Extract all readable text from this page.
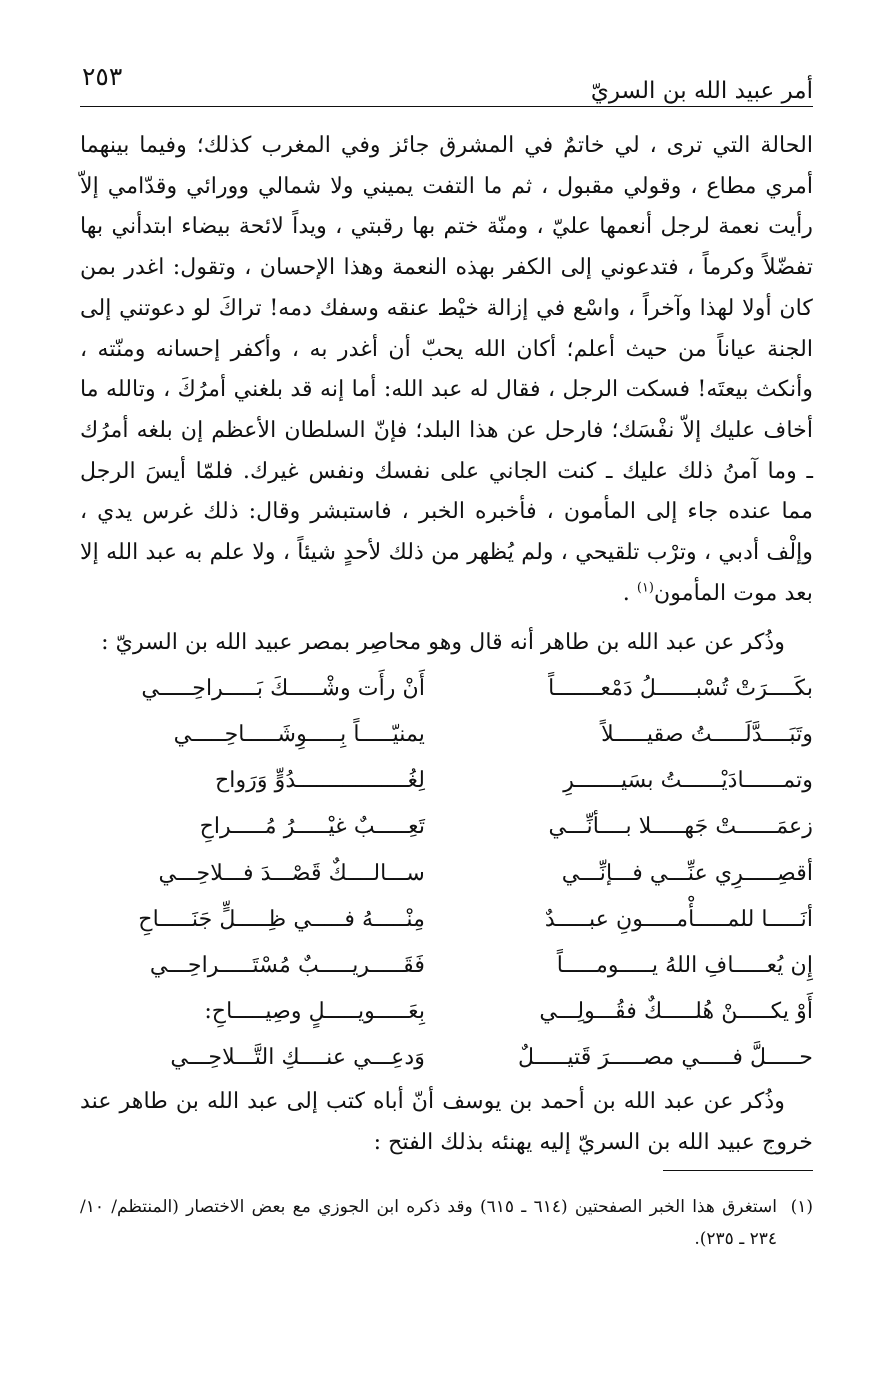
أمر عبيد الله بن السريّ
٢٥٣

الحالة التي ترى ، لي خاتمٌ في المشرق جائز وفي المغرب كذلك؛ وفيما بينهما أمري مطاع ، وقولي مقبول ، ثم ما التفت يميني ولا شمالي وورائي وقدّامي إلاّ رأيت نعمة لرجل أنعمها عليّ ، ومنّة ختم بها رقبتي ، ويداً لائحة بيضاء ابتدأني بها تفضّلاً وكرماً ، فتدعوني إلى الكفر بهذه النعمة وهذا الإحسان ، وتقول: اغدر بمن كان أولا لهذا وآخراً ، واسْع في إزالة خيْط عنقه وسفك دمه! تراكَ لو دعوتني إلى الجنة عياناً من حيث أعلم؛ أكان الله يحبّ أن أغدر به ، وأكفر إحسانه ومنّته ، وأنكث بيعتَه! فسكت الرجل ، فقال له عبد الله: أما إنه قد بلغني أمرُكَ ، وتالله ما أخاف عليك إلاّ نفْسَك؛ فارحل عن هذا البلد؛ فإنّ السلطان الأعظم إن بلغه أمرُك ـ وما آمنُ ذلك عليك ـ كنت الجاني على نفسك ونفس غيرك. فلمّا أيسَ الرجل مما عنده جاء إلى المأمون ، فأخبره الخبر ، فاستبشر وقال: ذلك غرس يدي ، وإلْف أدبي ، وترْب تلقيحي ، ولم يُظهر من ذلك لأحدٍ شيئاً ، ولا علم به عبد الله إلا بعد موت المأمون$^{(١)}$ .

وذُكر عن عبد الله بن طاهر أنه قال وهو محاصِر بمصر عبيد الله بن السريّ :

بكَــــرَتْ تُسْبــــــلُ دَمْعـــــــاً
أَنْ رأَت وشْـــــكَ بَـــــراحِـــــي
وتَبَــــدَّلَـــــتُ صقيـــــلاً
يمنيّـــــاً بِـــــوِشَـــــاحِـــــي
وتمــــــادَيْــــــتُ بسَيـــــــرِ
لِغُـــــــــــــــــدُوٍّ وَرَواح
زعمَــــــتْ جَهـــــلا بــــأنِّـــي
تَعِـــــبٌ غيْـــــرُ مُـــــراحِ
أقصِـــــرِي عنِّـــي فـــإنِّـــي
ســـالــــكٌ قَصْـــدَ فـــلاحِـــي
أنَـــــا للمـــــأْمـــــونِ عبـــــدٌ
مِنْـــــهُ فـــــي ظِـــــلٍّ جَنَـــــاحِ
إِن يُعـــــافِ اللهُ يـــــومـــــاً
فَقَـــــريـــــبٌ مُسْتَـــــراحِـــي
أَوْ يكـــــنْ هُلـــــكٌ فقُـــولِـــي
بِعَـــــويـــــلٍ وصِيـــــاحِ:
حـــــلَّ فـــــي مصـــــرَ قَتيـــــلٌ
وَدعِـــي عنــــكِ التَّـــلاحِـــي

وذُكر عن عبد الله بن أحمد بن يوسف أنّ أباه كتب إلى عبد الله بن طاهر عند خروج عبيد الله بن السريّ إليه يهنئه بذلك الفتح :

(١)
استغرق هذا الخبر الصفحتين (٦١٤ ـ ٦١٥) وقد ذكره ابن الجوزي مع بعض الاختصار (المنتظم/ ١٠/ ٢٣٤ ـ ٢٣٥).
